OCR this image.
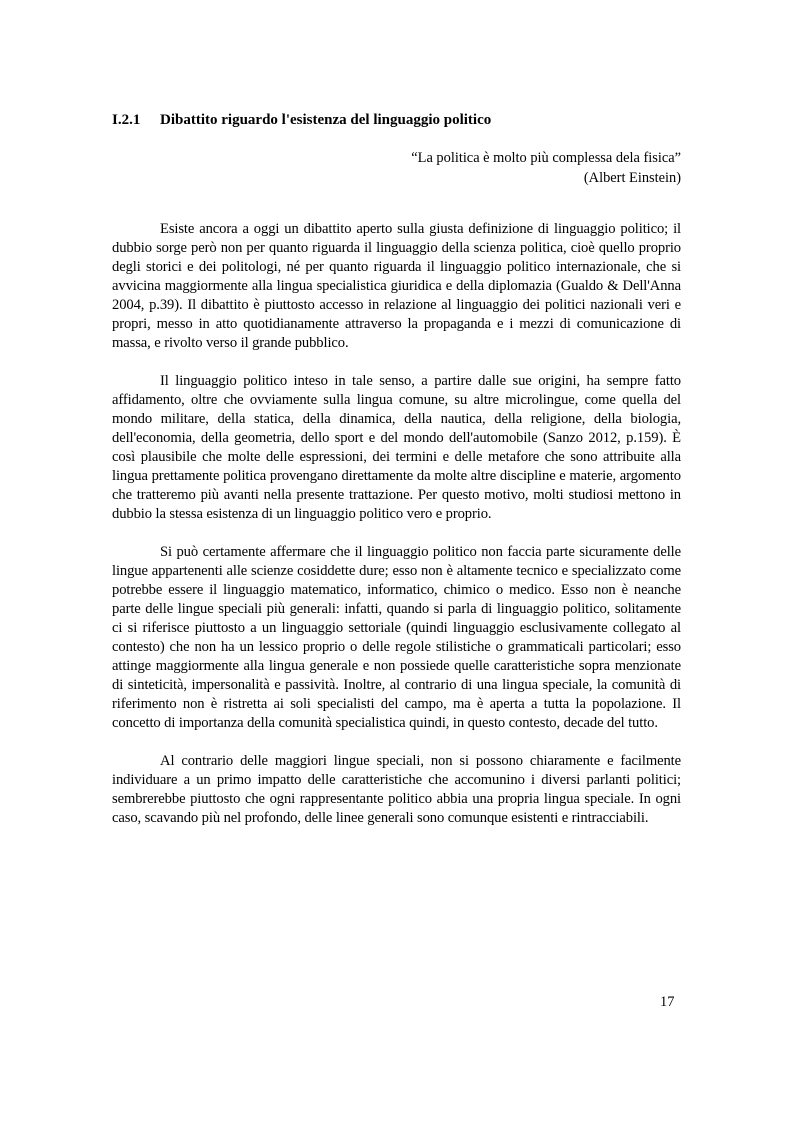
I.2.1 Dibattito riguardo l'esistenza del linguaggio politico
“La politica è molto più complessa dela fisica”
(Albert Einstein)

Esiste ancora a oggi un dibattito aperto sulla giusta definizione di linguaggio politico; il dubbio sorge però non per quanto riguarda il linguaggio della scienza politica, cioè quello proprio degli storici e dei politologi, né per quanto riguarda il linguaggio politico internazionale, che si avvicina maggiormente alla lingua specialistica giuridica e della diplomazia (Gualdo & Dell'Anna 2004, p.39). Il dibattito è piuttosto accesso in relazione al linguaggio dei politici nazionali veri e propri, messo in atto quotidianamente attraverso la propaganda e i mezzi di comunicazione di massa, e rivolto verso il grande pubblico.

Il linguaggio politico inteso in tale senso, a partire dalle sue origini, ha sempre fatto affidamento, oltre che ovviamente sulla lingua comune, su altre microlingue, come quella del mondo militare, della statica, della dinamica, della nautica, della religione, della biologia, dell'economia, della geometria, dello sport e del mondo dell'automobile (Sanzo 2012, p.159). È così plausibile che molte delle espressioni, dei termini e delle metafore che sono attribuite alla lingua prettamente politica provengano direttamente da molte altre discipline e materie, argomento che tratteremo più avanti nella presente trattazione. Per questo motivo, molti studiosi mettono in dubbio la stessa esistenza di un linguaggio politico vero e proprio.

Si può certamente affermare che il linguaggio politico non faccia parte sicuramente delle lingue appartenenti alle scienze cosiddette dure; esso non è altamente tecnico e specializzato come potrebbe essere il linguaggio matematico, informatico, chimico o medico. Esso non è neanche parte delle lingue speciali più generali: infatti, quando si parla di linguaggio politico, solitamente ci si riferisce piuttosto a un linguaggio settoriale (quindi linguaggio esclusivamente collegato al contesto) che non ha un lessico proprio o delle regole stilistiche o grammaticali particolari; esso attinge maggiormente alla lingua generale e non possiede quelle caratteristiche sopra menzionate di sinteticità, impersonalità e passività. Inoltre, al contrario di una lingua speciale, la comunità di riferimento non è ristretta ai soli specialisti del campo, ma è aperta a tutta la popolazione. Il concetto di importanza della comunità specialistica quindi, in questo contesto, decade del tutto.

Al contrario delle maggiori lingue speciali, non si possono chiaramente e facilmente individuare a un primo impatto delle caratteristiche che accomunino i diversi parlanti politici; sembrerebbe piuttosto che ogni rappresentante politico abbia una propria lingua speciale. In ogni caso, scavando più nel profondo, delle linee generali sono comunque esistenti e rintracciabili.

17
